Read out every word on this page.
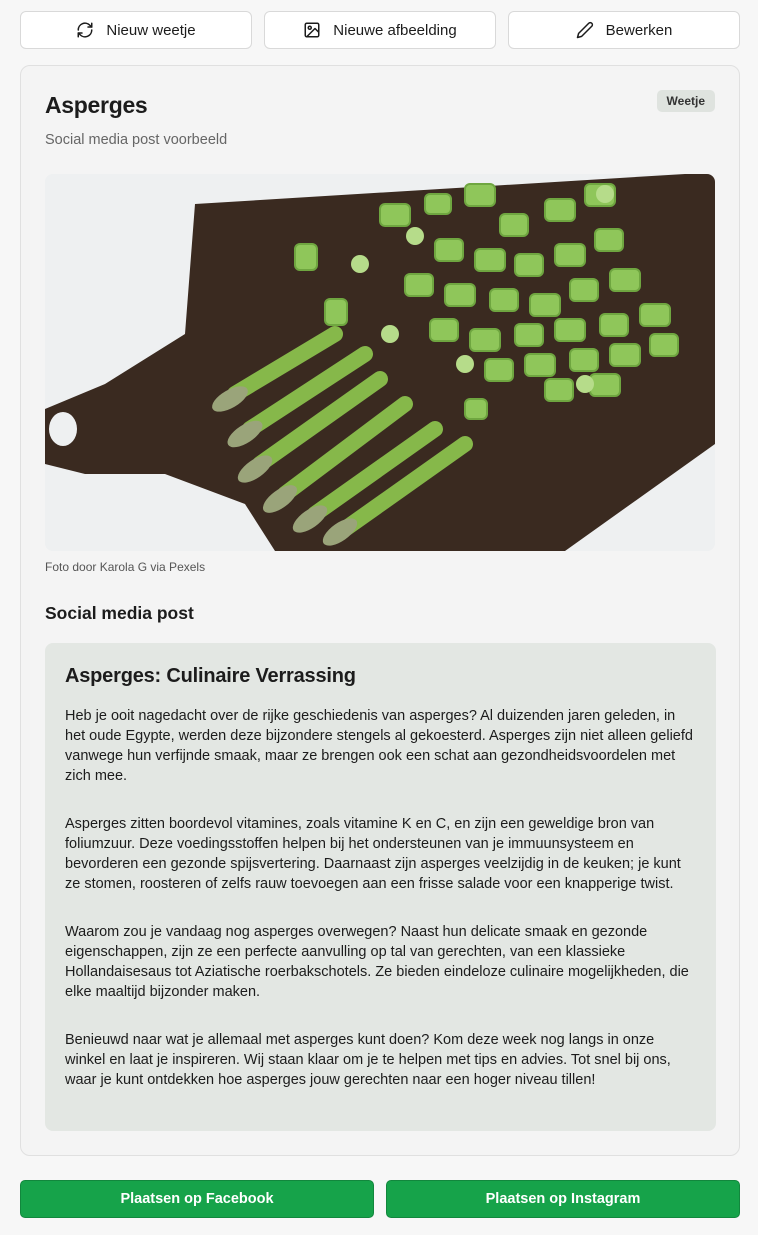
Nieuw weetje	Nieuwe afbeelding	Bewerken
Asperges	Weetje
Social media post voorbeeld
Foto door Karola G via Pexels
Social media post
Asperges: Culinaire Verrassing

Heb je ooit nagedacht over de rijke geschiedenis van asperges? Al duizenden jaren geleden, in het oude Egypte, werden deze bijzondere stengels al gekoesterd. Asperges zijn niet alleen geliefd vanwege hun verfijnde smaak, maar ze brengen ook een schat aan gezondheidsvoordelen met zich mee.

Asperges zitten boordevol vitamines, zoals vitamine K en C, en zijn een geweldige bron van foliumzuur. Deze voedingsstoffen helpen bij het ondersteunen van je immuunsysteem en bevorderen een gezonde spijsvertering. Daarnaast zijn asperges veelzijdig in de keuken; je kunt ze stomen, roosteren of zelfs rauw toevoegen aan een frisse salade voor een knapperige twist.

Waarom zou je vandaag nog asperges overwegen? Naast hun delicate smaak en gezonde eigenschappen, zijn ze een perfecte aanvulling op tal van gerechten, van een klassieke Hollandaisesaus tot Aziatische roerbakschotels. Ze bieden eindeloze culinaire mogelijkheden, die elke maaltijd bijzonder maken.

Benieuwd naar wat je allemaal met asperges kunt doen? Kom deze week nog langs in onze winkel en laat je inspireren. Wij staan klaar om je te helpen met tips en advies. Tot snel bij ons, waar je kunt ontdekken hoe asperges jouw gerechten naar een hoger niveau tillen!

Plaatsen op Facebook	Plaatsen op Instagram
